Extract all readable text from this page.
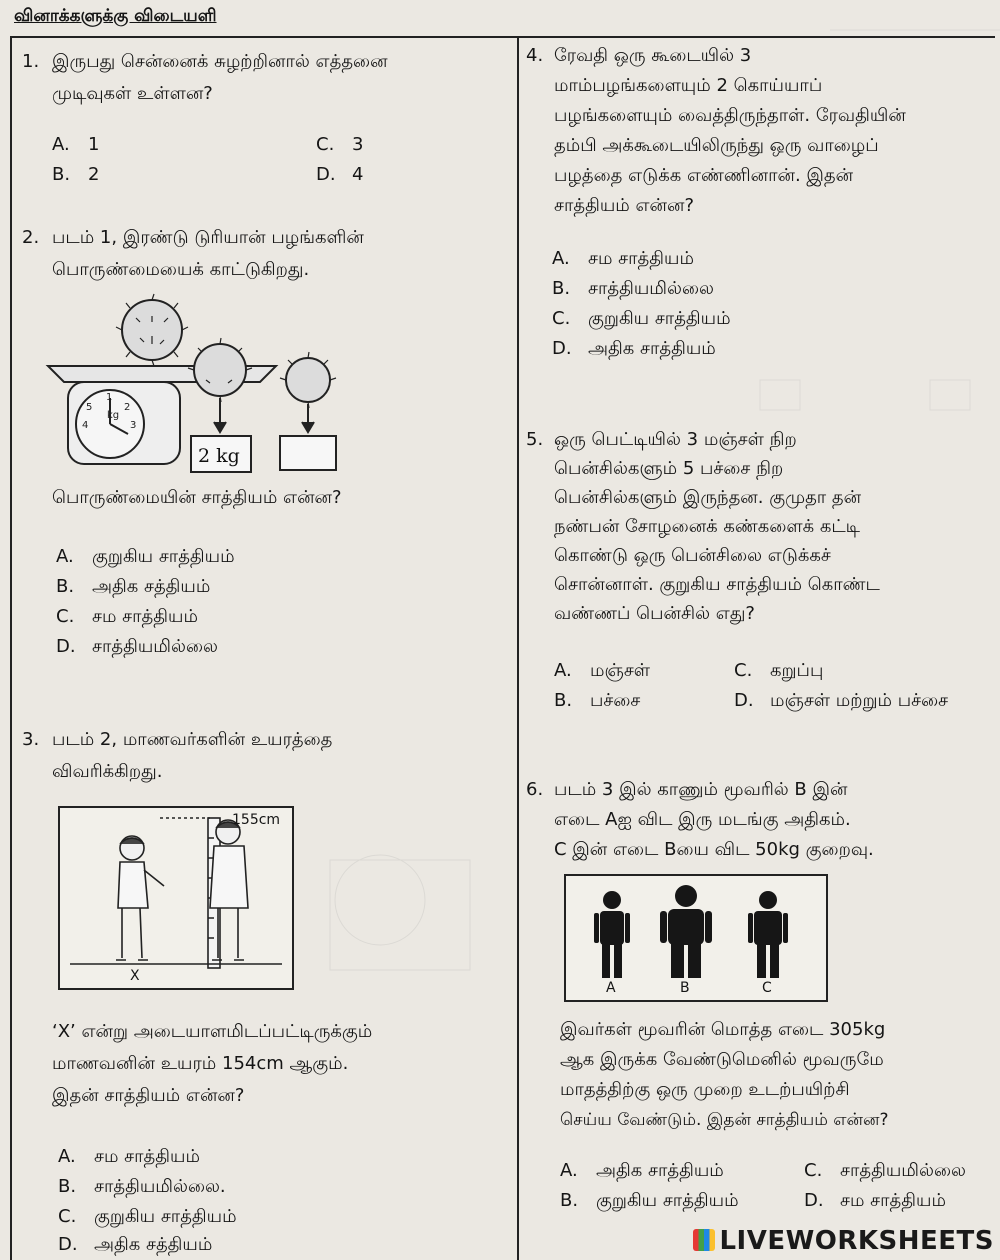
வினாக்களுக்கு விடையளி
1. இருபது சென்னைக் சுழற்றினால் எத்தனை
முடிவுகள் உள்ளன?
A. 1
B. 2
C. 3
D. 4
2. படம் 1, இரண்டு டுரியான் பழங்களின்
பொருண்மையைக் காட்டுகிறது.
1
2
3
5
4
kg
2 kg
பொருண்மையின் சாத்தியம் என்ன?
A. குறுகிய சாத்தியம்
B. அதிக சத்தியம்
C. சம சாத்தியம்
D. சாத்தியமில்லை
3. படம் 2, மாணவர்களின் உயரத்தை
விவரிக்கிறது.
155cm
X
‘X’ என்று அடையாளமிடப்பட்டிருக்கும்
மாணவனின் உயரம் 154cm ஆகும்.
இதன் சாத்தியம் என்ன?
A. சம சாத்தியம்
B. சாத்தியமில்லை.
C. குறுகிய சாத்தியம்
D. அதிக சத்தியம்
4. ரேவதி ஒரு கூடையில் 3
மாம்பழங்களையும் 2 கொய்யாப்
பழங்களையும் வைத்திருந்தாள். ரேவதியின்
தம்பி அக்கூடையிலிருந்து ஒரு வாழைப்
பழத்தை எடுக்க எண்ணினான். இதன்
சாத்தியம் என்ன?
A. சம சாத்தியம்
B. சாத்தியமில்லை
C. குறுகிய சாத்தியம்
D. அதிக சாத்தியம்
5. ஒரு பெட்டியில் 3 மஞ்சள் நிற
பென்சில்களும் 5 பச்சை நிற
பென்சில்களும் இருந்தன. குமுதா தன்
நண்பன் சோழனைக் கண்களைக் கட்டி
கொண்டு ஒரு பென்சிலை எடுக்கச்
சொன்னாள். குறுகிய சாத்தியம் கொண்ட
வண்ணப் பென்சில் எது?
A. மஞ்சள்
B. பச்சை
C. கறுப்பு
D. மஞ்சள் மற்றும் பச்சை
6. படம் 3 இல் காணும் மூவரில் B இன்
எடை Aஐ விட இரு மடங்கு அதிகம்.
C இன் எடை Bயை விட 50kg குறைவு.
A	B	C
இவர்கள் மூவரின் மொத்த எடை 305kg
ஆக இருக்க வேண்டுமெனில் மூவருமே
மாதத்திற்கு ஒரு முறை உடற்பயிற்சி
செய்ய வேண்டும். இதன் சாத்தியம் என்ன?
A. அதிக சாத்தியம்
B. குறுகிய சாத்தியம்
C. சாத்தியமில்லை
D. சம சாத்தியம்
LIVEWORKSHEETS
